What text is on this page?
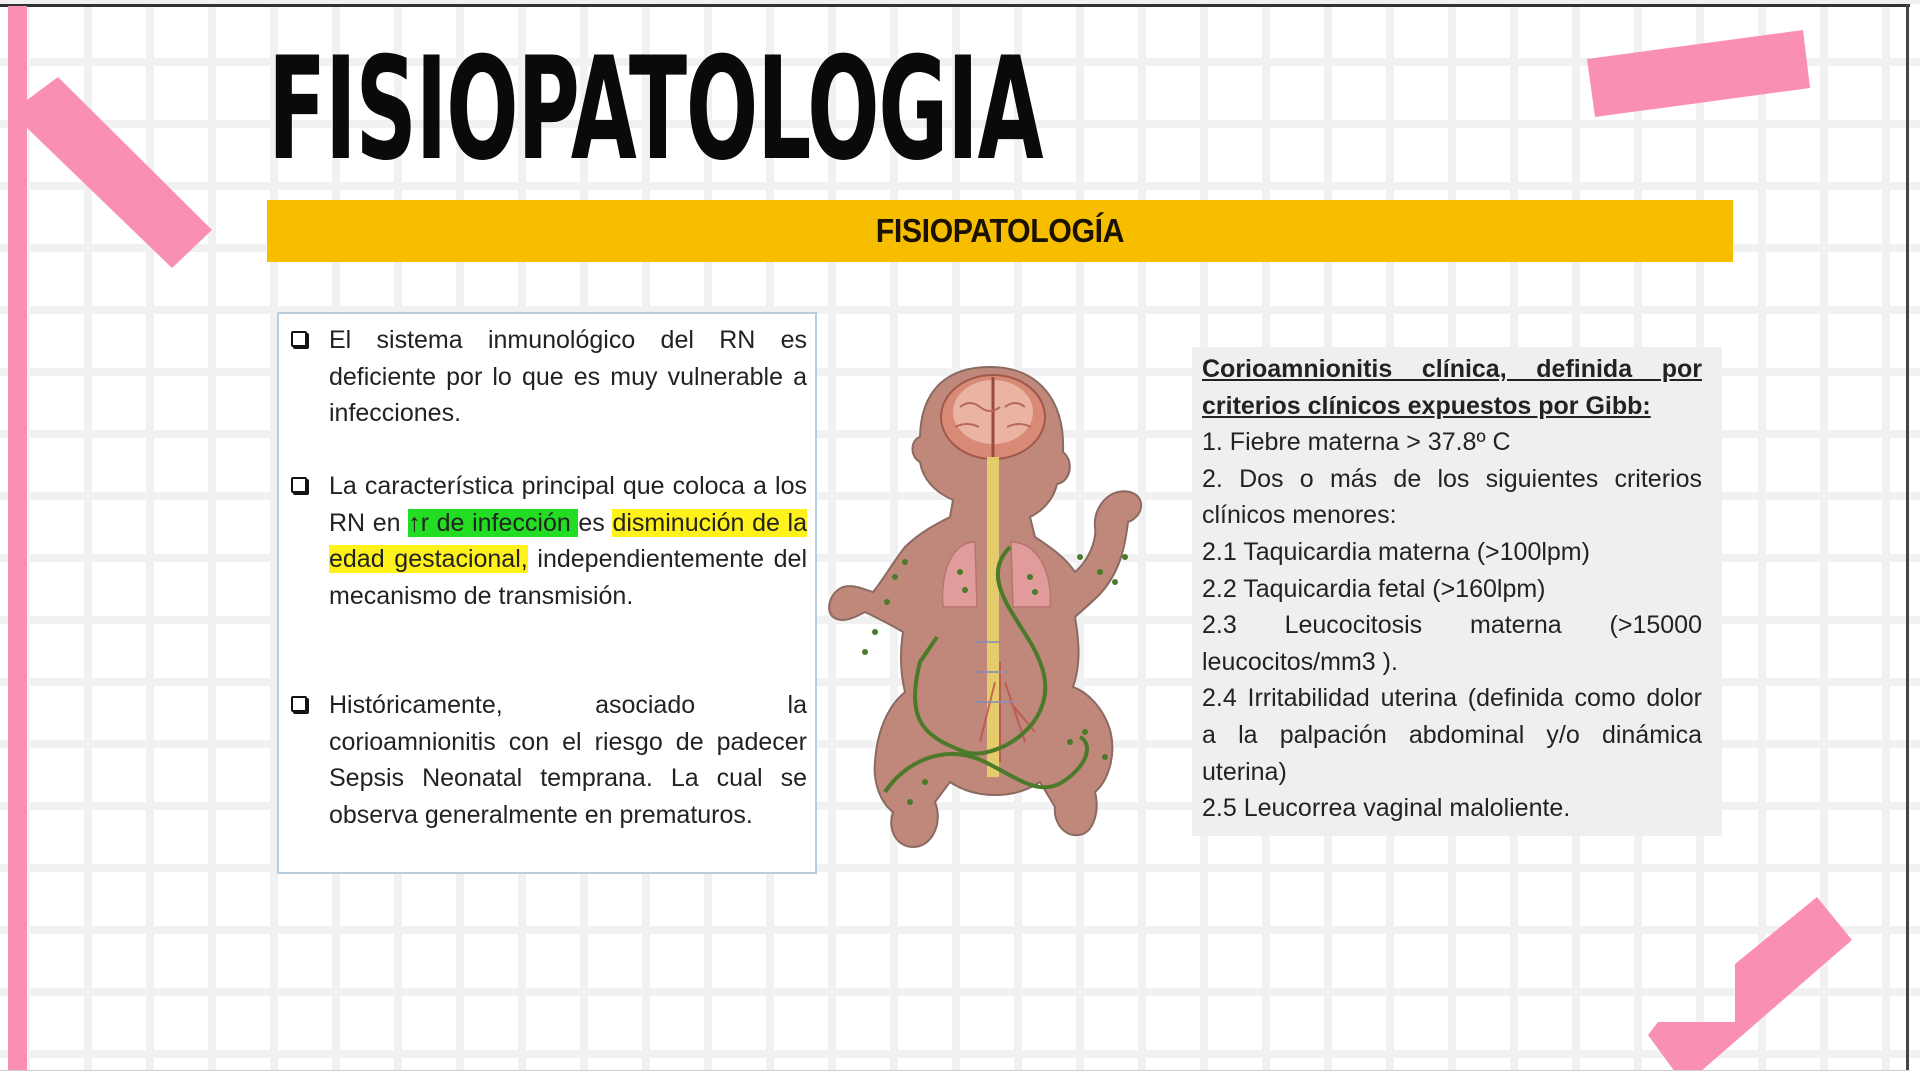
FISIOPATOLOGIA
FISIOPATOLOGÍA
El sistema inmunológico del RN es deficiente por lo que es muy vulnerable a infecciones.
La característica principal que coloca a los RN en ↑r de infección es disminución de la edad gestacional, independientemente del mecanismo de transmisión.
Históricamente, asociado la corioamnionitis con el riesgo de padecer Sepsis Neonatal temprana. La cual se observa generalmente en prematuros.
Corioamnionitis clínica, definida por criterios clínicos expuestos por Gibb:
1. Fiebre materna > 37.8º C
2. Dos o más de los siguientes criterios clínicos menores:
2.1 Taquicardia materna (>100lpm)
2.2 Taquicardia fetal (>160lpm)
2.3 Leucocitosis materna (>15000 leucocitos/mm3 ).
2.4 Irritabilidad uterina (definida como dolor a la palpación abdominal y/o dinámica uterina)
2.5 Leucorrea vaginal maloliente.
